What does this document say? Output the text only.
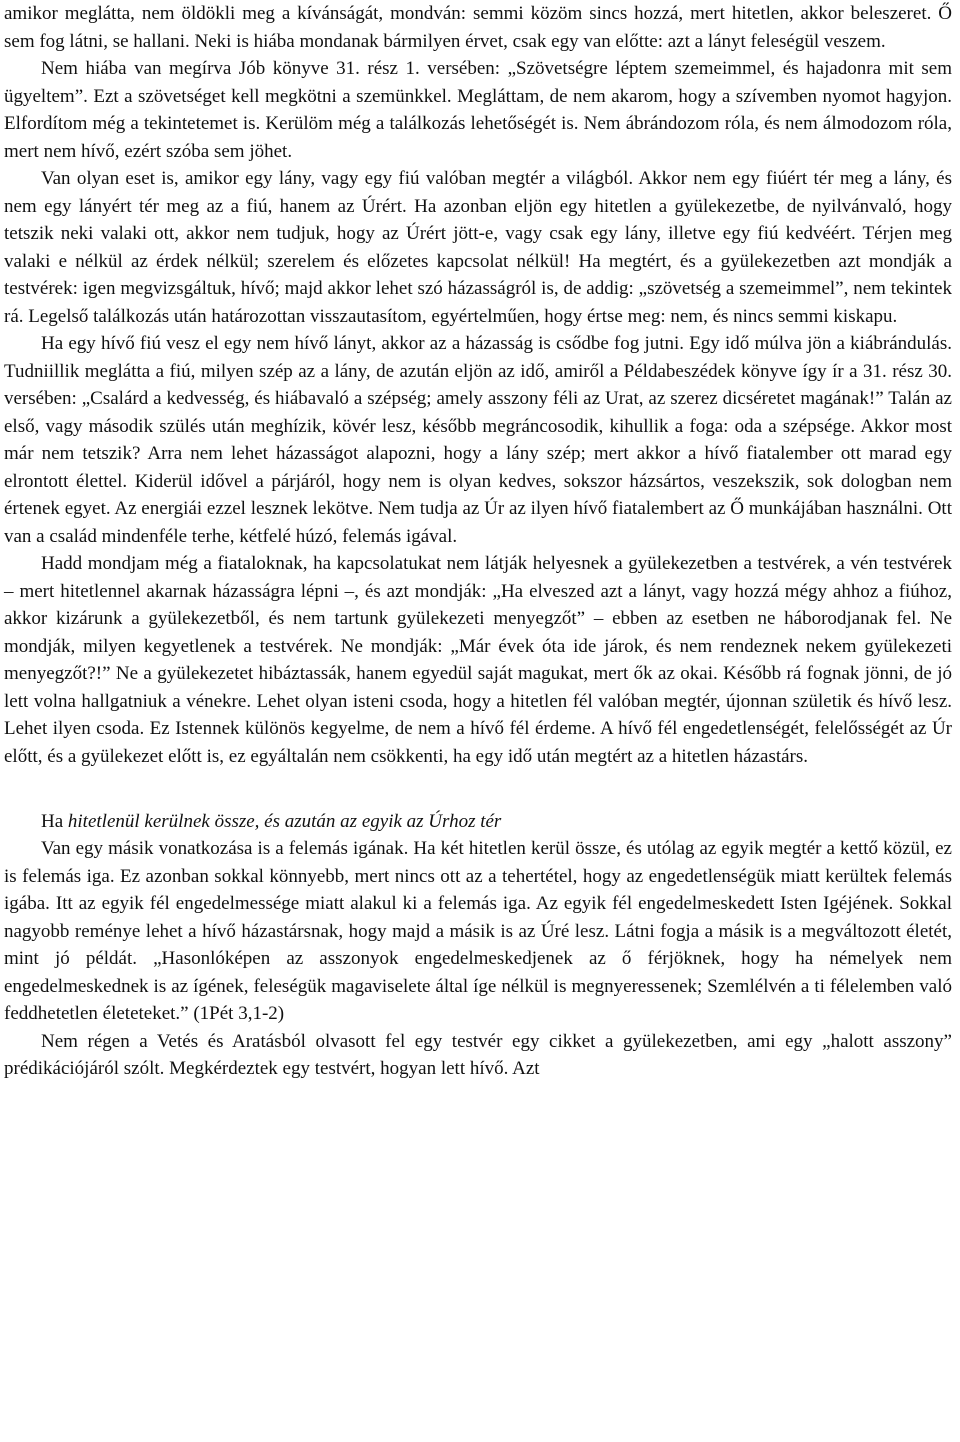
amikor meglátta, nem öldökli meg a kívánságát, mondván: semmi közöm sincs hozzá, mert hitetlen, akkor beleszeret. Ő sem fog látni, se hallani. Neki is hiába mondanak bármilyen érvet, csak egy van előtte: azt a lányt feleségül veszem.

Nem hiába van megírva Jób könyve 31. rész 1. versében: „Szövetségre léptem szemeimmel, és hajadonra mit sem ügyeltem”. Ezt a szövetséget kell megkötni a szemünkkel. Megláttam, de nem akarom, hogy a szívemben nyomot hagyjon. Elfordítom még a tekintetemet is. Kerülöm még a találkozás lehetőségét is. Nem ábrándozom róla, és nem álmodozom róla, mert nem hívő, ezért szóba sem jöhet.

Van olyan eset is, amikor egy lány, vagy egy fiú valóban megtér a világból. Akkor nem egy fiúért tér meg a lány, és nem egy lányért tér meg az a fiú, hanem az Úrért. Ha azonban eljön egy hitetlen a gyülekezetbe, de nyilvánvaló, hogy tetszik neki valaki ott, akkor nem tudjuk, hogy az Úrért jött-e, vagy csak egy lány, illetve egy fiú kedvéért. Térjen meg valaki e nélkül az érdek nélkül; szerelem és előzetes kapcsolat nélkül! Ha megtért, és a gyülekezetben azt mondják a testvérek: igen megvizsgáltuk, hívő; majd akkor lehet szó házasságról is, de addig: „szövetség a szemeimmel”, nem tekintek rá. Legelső találkozás után határozottan visszautasítom, egyértelműen, hogy értse meg: nem, és nincs semmi kiskapu.

Ha egy hívő fiú vesz el egy nem hívő lányt, akkor az a házasság is csődbe fog jutni. Egy idő múlva jön a kiábrándulás. Tudniillik meglátta a fiú, milyen szép az a lány, de azután eljön az idő, amiről a Példabeszédek könyve így ír a 31. rész 30. versében: „Csalárd a kedvesség, és hiábavaló a szépség; amely asszony féli az Urat, az szerez dicséretet magának!” Talán az első, vagy második szülés után meghízik, kövér lesz, később megráncosodik, kihullik a foga: oda a szépsége. Akkor most már nem tetszik? Arra nem lehet házasságot alapozni, hogy a lány szép; mert akkor a hívő fiatalember ott marad egy elrontott élettel. Kiderül idővel a párjáról, hogy nem is olyan kedves, sokszor házsártos, veszekszik, sok dologban nem értenek egyet. Az energiái ezzel lesznek lekötve. Nem tudja az Úr az ilyen hívő fiatalembert az Ő munkájában használni. Ott van a család mindenféle terhe, kétfelé húzó, felemás igával.

Hadd mondjam még a fiataloknak, ha kapcsolatukat nem látják helyesnek a gyülekezetben a testvérek, a vén testvérek – mert hitetlennel akarnak házasságra lépni –, és azt mondják: „Ha elveszed azt a lányt, vagy hozzá mégy ahhoz a fiúhoz, akkor kizárunk a gyülekezetből, és nem tartunk gyülekezeti menyegzőt” – ebben az esetben ne háborodjanak fel. Ne mondják, milyen kegyetlenek a testvérek. Ne mondják: „Már évek óta ide járok, és nem rendeznek nekem gyülekezeti menyegzőt?!” Ne a gyülekezetet hibáztassák, hanem egyedül saját magukat, mert ők az okai. Később rá fognak jönni, de jó lett volna hallgatniuk a vénekre. Lehet olyan isteni csoda, hogy a hitetlen fél valóban megtér, újonnan születik és hívő lesz. Lehet ilyen csoda. Ez Istennek különös kegyelme, de nem a hívő fél érdeme. A hívő fél engedetlenségét, felelősségét az Úr előtt, és a gyülekezet előtt is, ez egyáltalán nem csökkenti, ha egy idő után megtért az a hitetlen házastárs.

Ha hitetlenül kerülnek össze, és azután az egyik az Úrhoz tér

Van egy másik vonatkozása is a felemás igának. Ha két hitetlen kerül össze, és utólag az egyik megtér a kettő közül, ez is felemás iga. Ez azonban sokkal könnyebb, mert nincs ott az a tehertétel, hogy az engedetlenségük miatt kerültek felemás igába. Itt az egyik fél engedelmessége miatt alakul ki a felemás iga. Az egyik fél engedelmeskedett Isten Igéjének. Sokkal nagyobb reménye lehet a hívő házastársnak, hogy majd a másik is az Úré lesz. Látni fogja a másik is a megváltozott életét, mint jó példát. „Hasonlóképen az asszonyok engedelmeskedjenek az ő férjöknek, hogy ha némelyek nem engedelmeskednek is az ígének, feleségük magaviselete által íge nélkül is megnyeressenek; Szemlélvén a ti félelemben való feddhetetlen életeteket.” (1Pét 3,1-2)

Nem régen a Vetés és Aratásból olvasott fel egy testvér egy cikket a gyülekezetben, ami egy „halott asszony” prédikációjáról szólt. Megkérdeztek egy testvért, hogyan lett hívő. Azt
